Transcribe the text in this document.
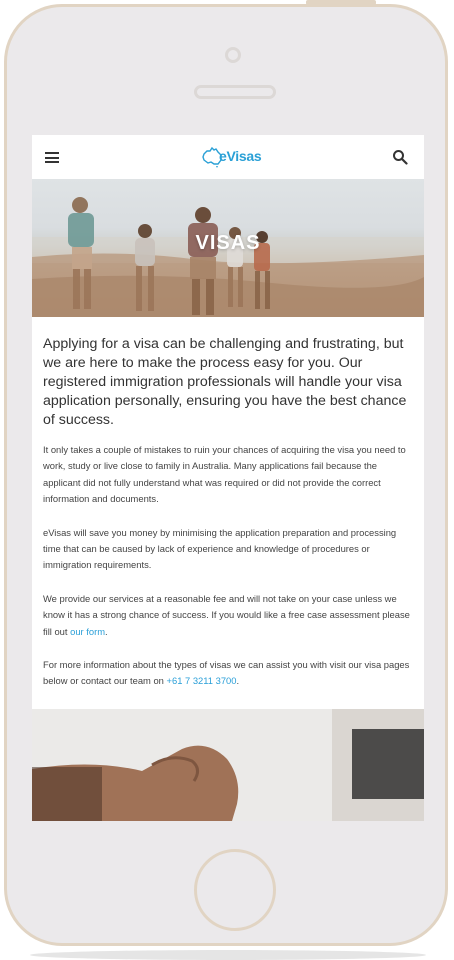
eVisas
VISAS

Applying for a visa can be challenging and frustrating, but we are here to make the process easy for you. Our registered immigration professionals will handle your visa application personally, ensuring you have the best chance of success.

It only takes a couple of mistakes to ruin your chances of acquiring the visa you need to work, study or live close to family in Australia. Many applications fail because the applicant did not fully understand what was required or did not provide the correct information and documents.

eVisas will save you money by minimising the application preparation and processing time that can be caused by lack of experience and knowledge of procedures or immigration requirements.

We provide our services at a reasonable fee and will not take on your case unless we know it has a strong chance of success. If you would like a free case assessment please fill out our form.

For more information about the types of visas we can assist you with visit our visa pages below or contact our team on +61 7 3211 3700.
